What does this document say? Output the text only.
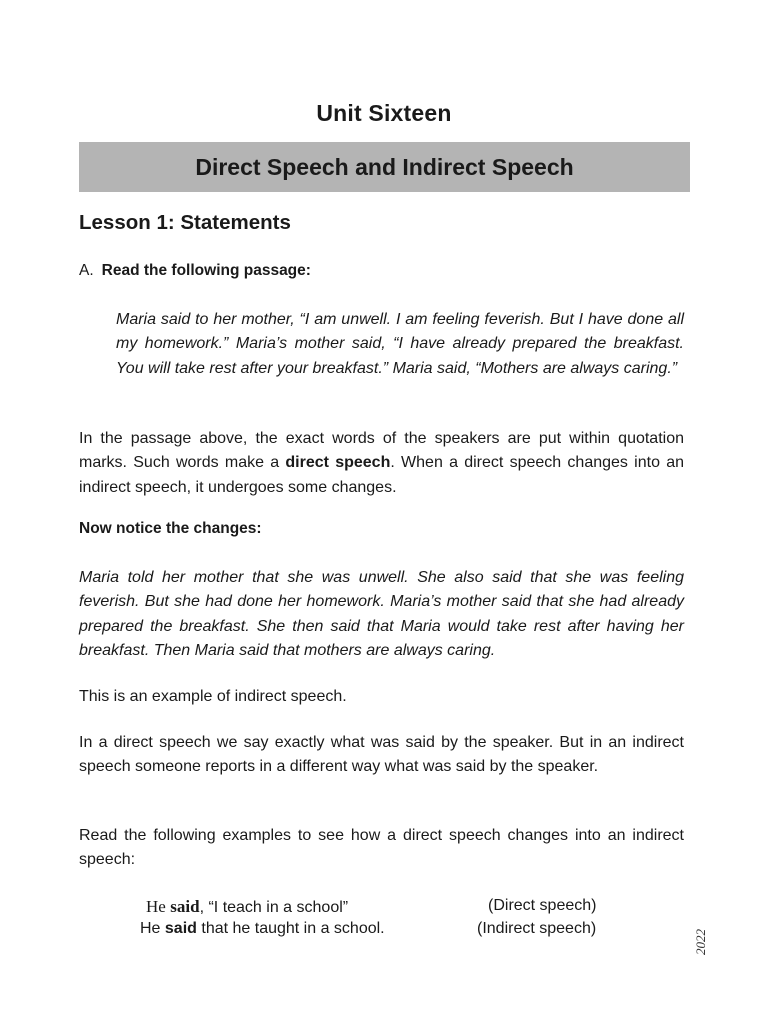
Unit Sixteen
Direct Speech and Indirect Speech
Lesson 1: Statements
A. Read the following passage:
Maria said to her mother, “I am unwell. I am feeling feverish. But I have done all my homework.” Maria’s mother said, “I have already prepared the breakfast. You will take rest after your breakfast.” Maria said, “Mothers are always caring.”
In the passage above, the exact words of the speakers are put within quotation marks. Such words make a direct speech. When a direct speech changes into an indirect speech, it undergoes some changes.
Now notice the changes:
Maria told her mother that she was unwell. She also said that she was feeling feverish. But she had done her homework. Maria’s mother said that she had already prepared the breakfast. She then said that Maria would take rest after having her breakfast. Then Maria said that mothers are always caring.
This is an example of indirect speech.
In a direct speech we say exactly what was said by the speaker. But in an indirect speech someone reports in a different way what was said by the speaker.
Read the following examples to see how a direct speech changes into an indirect speech:
He said, “I teach in a school”	(Direct speech)
He said that he taught in a school.	(Indirect speech)
2022
